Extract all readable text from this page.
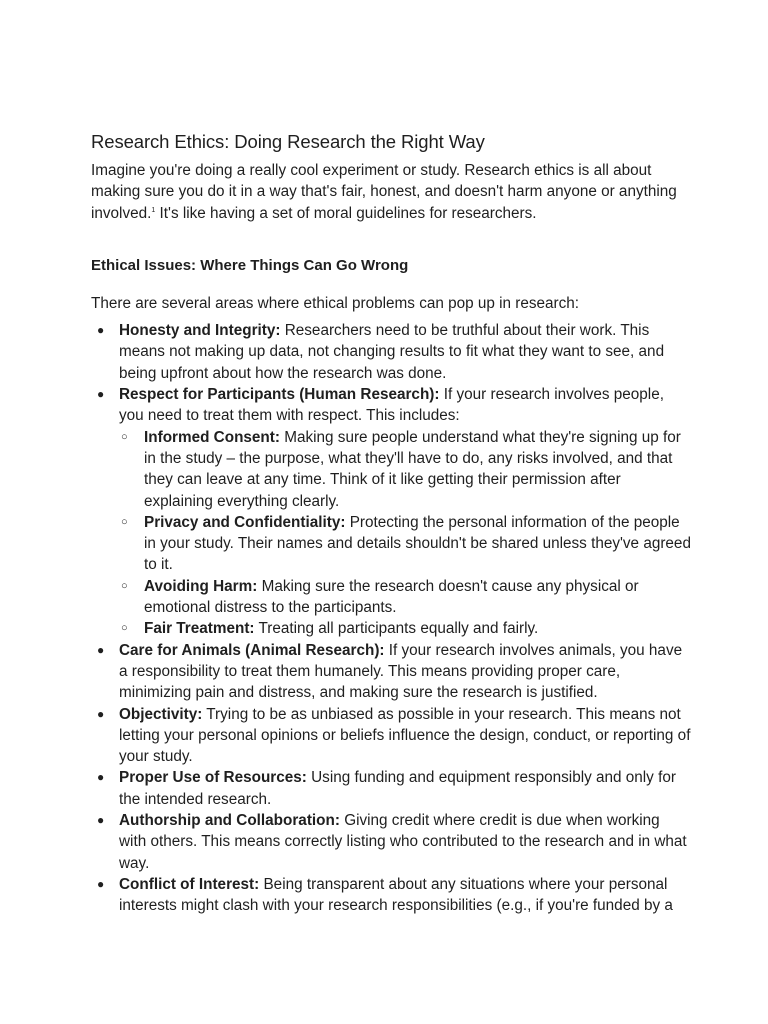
Research Ethics: Doing Research the Right Way

Imagine you're doing a really cool experiment or study. Research ethics is all about making sure you do it in a way that's fair, honest, and doesn't harm anyone or anything involved.$^1$ It's like having a set of moral guidelines for researchers.

Ethical Issues: Where Things Can Go Wrong

There are several areas where ethical problems can pop up in research:

● Honesty and Integrity: Researchers need to be truthful about their work. This means not making up data, not changing results to fit what they want to see, and being upfront about how the research was done.
● Respect for Participants (Human Research): If your research involves people, you need to treat them with respect. This includes:
○ Informed Consent: Making sure people understand what they're signing up for in the study – the purpose, what they'll have to do, any risks involved, and that they can leave at any time. Think of it like getting their permission after explaining everything clearly.
○ Privacy and Confidentiality: Protecting the personal information of the people in your study. Their names and details shouldn't be shared unless they've agreed to it.
○ Avoiding Harm: Making sure the research doesn't cause any physical or emotional distress to the participants.
○ Fair Treatment: Treating all participants equally and fairly.
● Care for Animals (Animal Research): If your research involves animals, you have a responsibility to treat them humanely. This means providing proper care, minimizing pain and distress, and making sure the research is justified.
● Objectivity: Trying to be as unbiased as possible in your research. This means not letting your personal opinions or beliefs influence the design, conduct, or reporting of your study.
● Proper Use of Resources: Using funding and equipment responsibly and only for the intended research.
● Authorship and Collaboration: Giving credit where credit is due when working with others. This means correctly listing who contributed to the research and in what way.
● Conflict of Interest: Being transparent about any situations where your personal interests might clash with your research responsibilities (e.g., if you're funded by a
